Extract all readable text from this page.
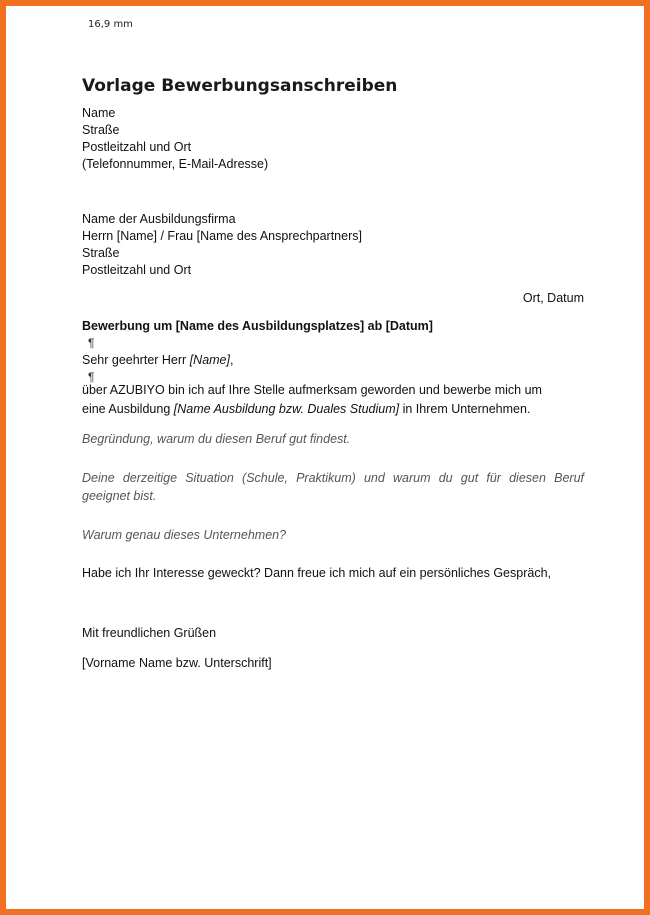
16,9 mm
Vorlage Bewerbungsanschreiben
Name
Straße
Postleitzahl und Ort
(Telefonnummer, E-Mail-Adresse)
Name der Ausbildungsfirma
Herrn [Name] / Frau [Name des Ansprechpartners]
Straße
Postleitzahl und Ort
Ort, Datum
Bewerbung um [Name des Ausbildungsplatzes] ab [Datum]
¶
Sehr geehrter Herr [Name],
¶
über AZUBIYO bin ich auf Ihre Stelle aufmerksam geworden und bewerbe mich um
eine Ausbildung [Name Ausbildung bzw. Duales Studium] in Ihrem Unternehmen.
Begründung, warum du diesen Beruf gut findest.
Deine derzeitige Situation (Schule, Praktikum) und warum du gut für diesen Beruf
geeignet bist.
Warum genau dieses Unternehmen?
Habe ich Ihr Interesse geweckt? Dann freue ich mich auf ein persönliches Gespräch,
Mit freundlichen Grüßen
[Vorname Name bzw. Unterschrift]
